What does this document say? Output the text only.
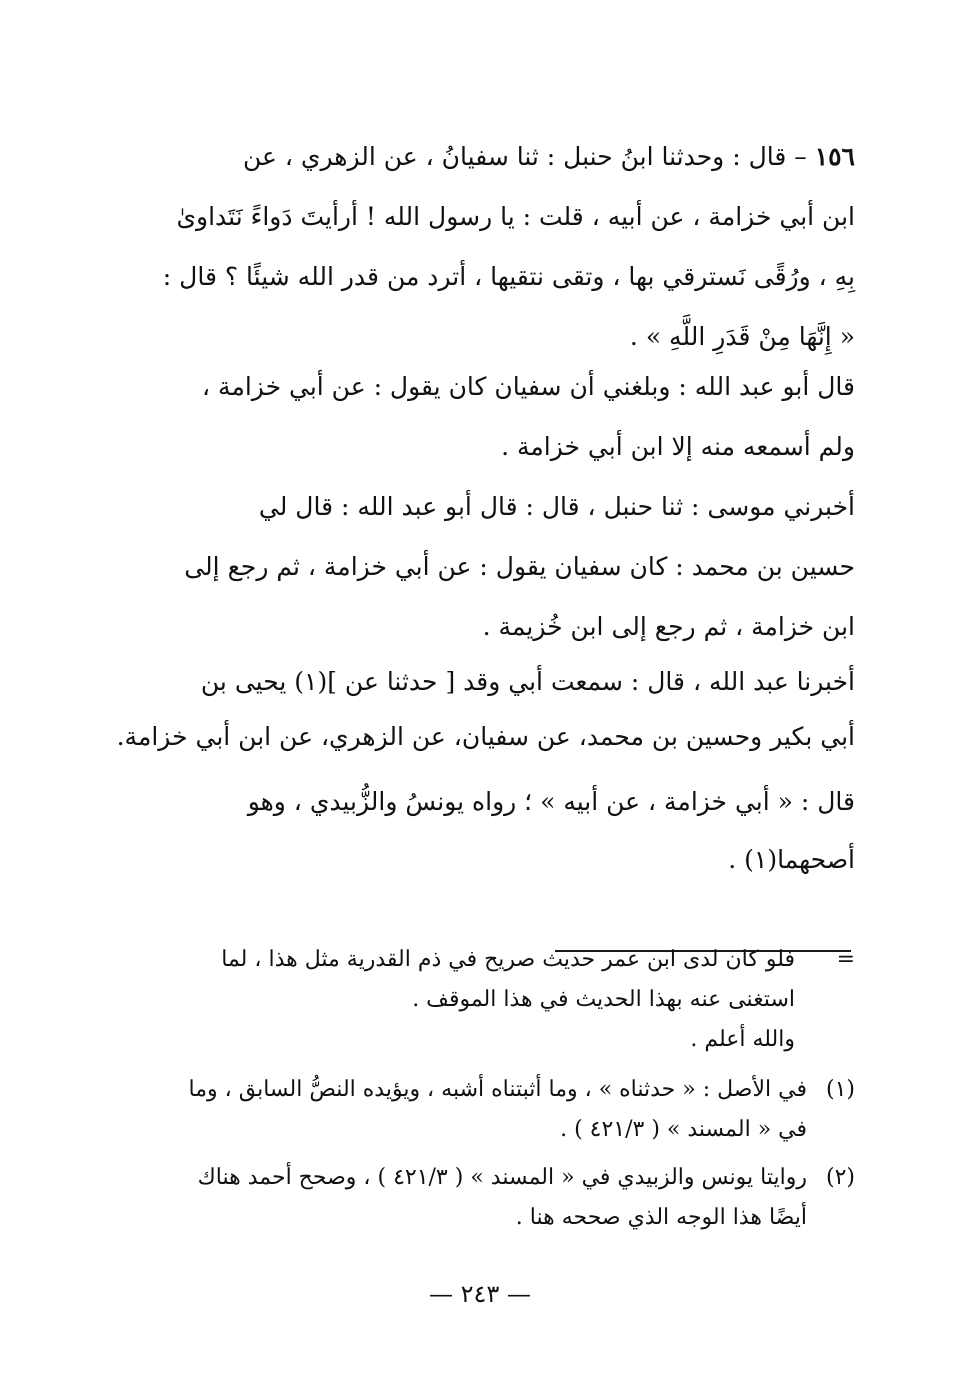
١٥٦ – قال : وحدثنا ابنُ حنبل : ثنا سفيانُ ، عن الزهري ، عن
ابن أبي خزامة ، عن أبيه ، قلت : يا رسول الله ! أرأيتَ دَواءً نَتَداوىٰ
بِهِ ، ورُقًى نَسترقي بها ، وتقى نتقيها ، أترد من قدر الله شيئًا ؟ قال :
« إِنَّهَا مِنْ قَدَرِ اللَّهِ » .
قال أبو عبد الله : وبلغني أن سفيان كان يقول : عن أبي خزامة ،
ولم أسمعه منه إلا ابن أبي خزامة .
أخبرني موسى : ثنا حنبل ، قال : قال أبو عبد الله : قال لي
حسين بن محمد : كان سفيان يقول : عن أبي خزامة ، ثم رجع إلى
ابن خزامة ، ثم رجع إلى ابن خُزيمة .
أخبرنا عبد الله ، قال : سمعت أبي وقد [ حدثنا عن ](١) يحيى بن
أبي بكير وحسين بن محمد، عن سفيان، عن الزهري، عن ابن أبي خزامة.
قال : « أبي خزامة ، عن أبيه » ؛ رواه يونسُ والزُّبيدي ، وهو
أصحهما(١) .
=
فلو كان لدى ابن عمر حديث صريح في ذم القدرية مثل هذا ، لما
استغنى عنه بهذا الحديث في هذا الموقف .
والله أعلم .
(١)
في الأصل : « حدثناه » ، وما أثبتناه أشبه ، ويؤيده النصُّ السابق ، وما
في « المسند » ( ٤٢١/٣ ) .
(٢)
روايتا يونس والزبيدي في « المسند » ( ٤٢١/٣ ) ، وصحح أحمد هناك
أيضًا هذا الوجه الذي صححه هنا .
— ٢٤٣ —
